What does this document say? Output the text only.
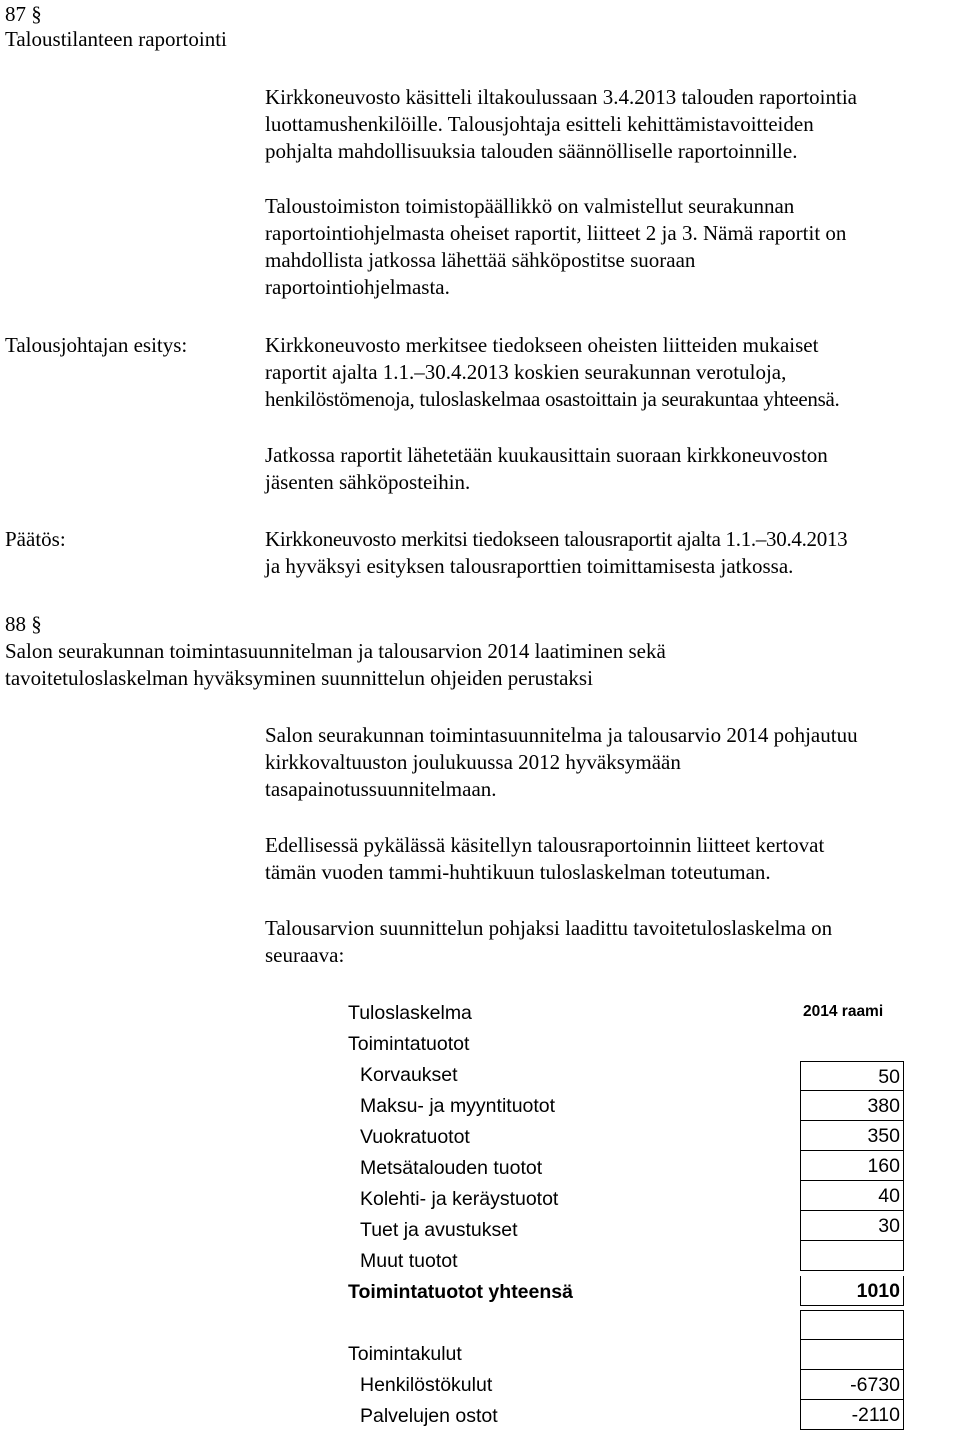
87 §
Taloustilanteen raportointi
Kirkkoneuvosto käsitteli iltakoulussaan 3.4.2013 talouden raportointia
luottamushenkilöille. Talousjohtaja esitteli kehittämistavoitteiden
pohjalta mahdollisuuksia talouden säännölliselle raportoinnille.
Taloustoimiston toimistopäällikkö on valmistellut seurakunnan
raportointiohjelmasta oheiset raportit, liitteet 2 ja 3. Nämä raportit on
mahdollista jatkossa lähettää sähköpostitse suoraan
raportointiohjelmasta.
Talousjohtajan esitys:	Kirkkoneuvosto merkitsee tiedokseen oheisten liitteiden mukaiset
raportit ajalta 1.1.–30.4.2013 koskien seurakunnan verotuloja,
henkilöstömenoja, tuloslaskelmaa osastoittain ja seurakuntaa yhteensä.
Jatkossa raportit lähetetään kuukausittain suoraan kirkkoneuvoston
jäsenten sähköposteihin.
Päätös:	Kirkkoneuvosto merkitsi tiedokseen talousraportit ajalta 1.1.–30.4.2013
ja hyväksyi esityksen talousraporttien toimittamisesta jatkossa.
88 §
Salon seurakunnan toimintasuunnitelman ja talousarvion 2014 laatiminen sekä
tavoitetuloslaskelman hyväksyminen suunnittelun ohjeiden perustaksi
Salon seurakunnan toimintasuunnitelma ja talousarvio 2014 pohjautuu
kirkkovaltuuston joulukuussa 2012 hyväksymään
tasapainotussuunnitelmaan.
Edellisessä pykälässä käsitellyn talousraportoinnin liitteet kertovat
tämän vuoden tammi-huhtikuun tuloslaskelman toteutuman.
Talousarvion suunnittelun pohjaksi laadittu tavoitetuloslaskelma on
seuraava:
Tuloslaskelma	2014 raami
Toimintatuotot
Korvaukset	50
Maksu- ja myyntituotot	380
Vuokratuotot	350
Metsätalouden tuotot	160
Kolehti- ja keräystuotot	40
Tuet ja avustukset	30
Muut tuotot
Toimintatuotot yhteensä	1010
Toimintakulut
Henkilöstökulut	-6730
Palvelujen ostot	-2110
